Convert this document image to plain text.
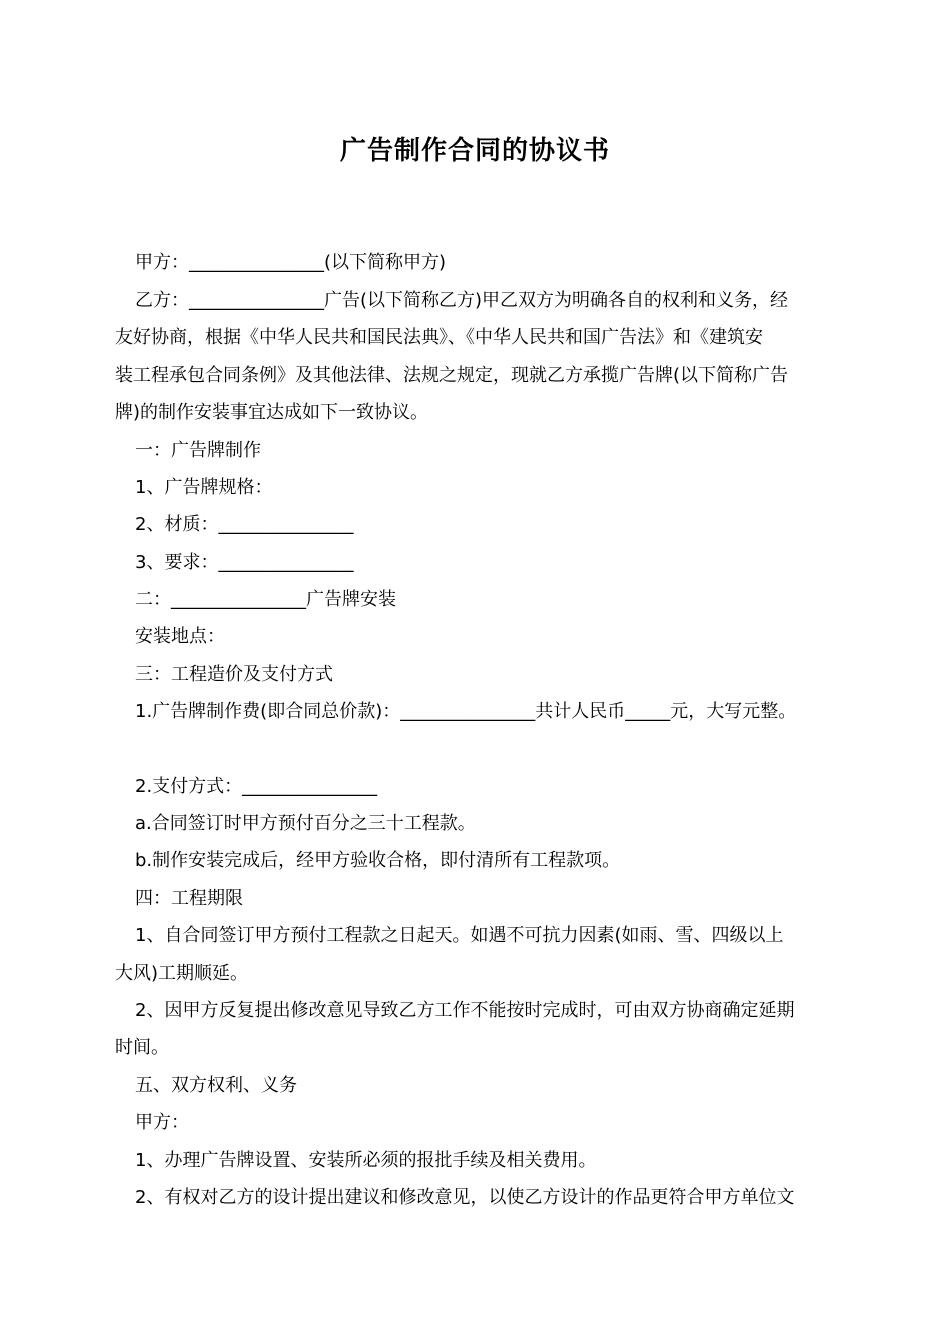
广告制作合同的协议书
甲方：_______________(以下简称甲方)
乙方：_______________广告(以下简称乙方)甲乙双方为明确各自的权利和义务，经
友好协商，根据《中华人民共和国民法典》、《中华人民共和国广告法》和《建筑安
装工程承包合同条例》及其他法律、法规之规定，现就乙方承揽广告牌(以下简称广告
牌)的制作安装事宜达成如下一致协议。
一：广告牌制作
1、广告牌规格：
2、材质：_______________
3、要求：_______________
二：_______________广告牌安装
安装地点：
三：工程造价及支付方式
1.广告牌制作费(即合同总价款)：_______________共计人民币_____元，大写元整。
2.支付方式：_______________
a.合同签订时甲方预付百分之三十工程款。
b.制作安装完成后，经甲方验收合格，即付清所有工程款项。
四：工程期限
1、自合同签订甲方预付工程款之日起天。如遇不可抗力因素(如雨、雪、四级以上
大风)工期顺延。
2、因甲方反复提出修改意见导致乙方工作不能按时完成时，可由双方协商确定延期
时间。
五、双方权利、义务
甲方：
1、办理广告牌设置、安装所必须的报批手续及相关费用。
2、有权对乙方的设计提出建议和修改意见，以使乙方设计的作品更符合甲方单位文
